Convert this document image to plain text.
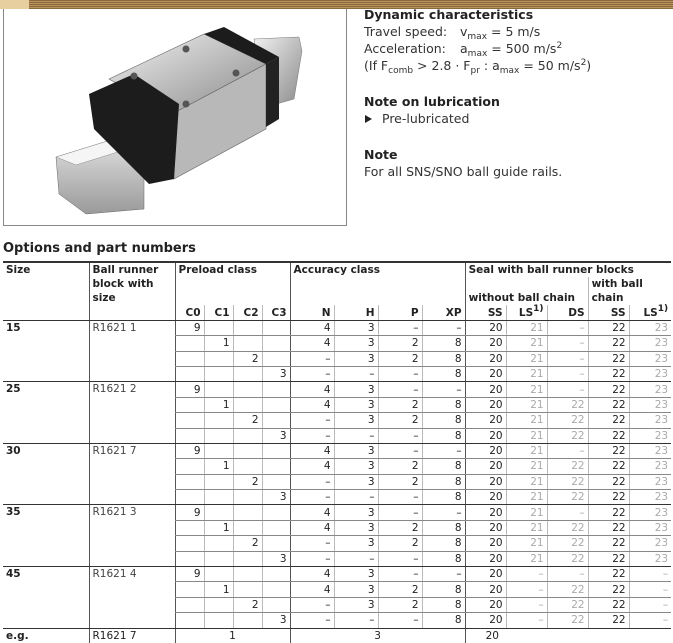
Dynamic characteristics
Travel speed:	$v_{max} = 5$ m/s
Acceleration:	$a_{max} = 500$ $m/s^2$
(If $F_{comb} > 2.8 \cdot F_{pr}$ : $a_{max} = 50$ $m/s^2$)
Note on lubrication
Pre-lubricated
Note
For all SNS/SNO ball guide rails.
Options and part numbers
Size	Ball runner block with size	Preload class				Accuracy class				Seal with ball runner blocks				
										without ball chain			with ball chain	
		C0	C1	C2	C3	N	H	P	XP	SS	LS$^{1)}$	DS	SS	LS$^{1)}$
15	R1621 1	9				4	3	–	–	20	21	–	22	23
			1			4	3	2	8	20	21	–	22	23
				2		–	3	2	8	20	21	–	22	23
					3	–	–	–	8	20	21	–	22	23
25	R1621 2	9				4	3	–	–	20	21	–	22	23
			1			4	3	2	8	20	21	22	22	23
				2		–	3	2	8	20	21	22	22	23
					3	–	–	–	8	20	21	22	22	23
30	R1621 7	9				4	3	–	–	20	21	–	22	23
			1			4	3	2	8	20	21	22	22	23
				2		–	3	2	8	20	21	22	22	23
					3	–	–	–	8	20	21	22	22	23
35	R1621 3	9				4	3	–	–	20	21	–	22	23
			1			4	3	2	8	20	21	22	22	23
				2		–	3	2	8	20	21	22	22	23
					3	–	–	–	8	20	21	22	22	23
45	R1621 4	9				4	3	–	–	20	–	–	22	–
			1			4	3	2	8	20	–	22	22	–
				2		–	3	2	8	20	–	22	22	–
					3	–	–	–	8	20	–	22	22	–
e.g.	R1621 7	1				3				20				
